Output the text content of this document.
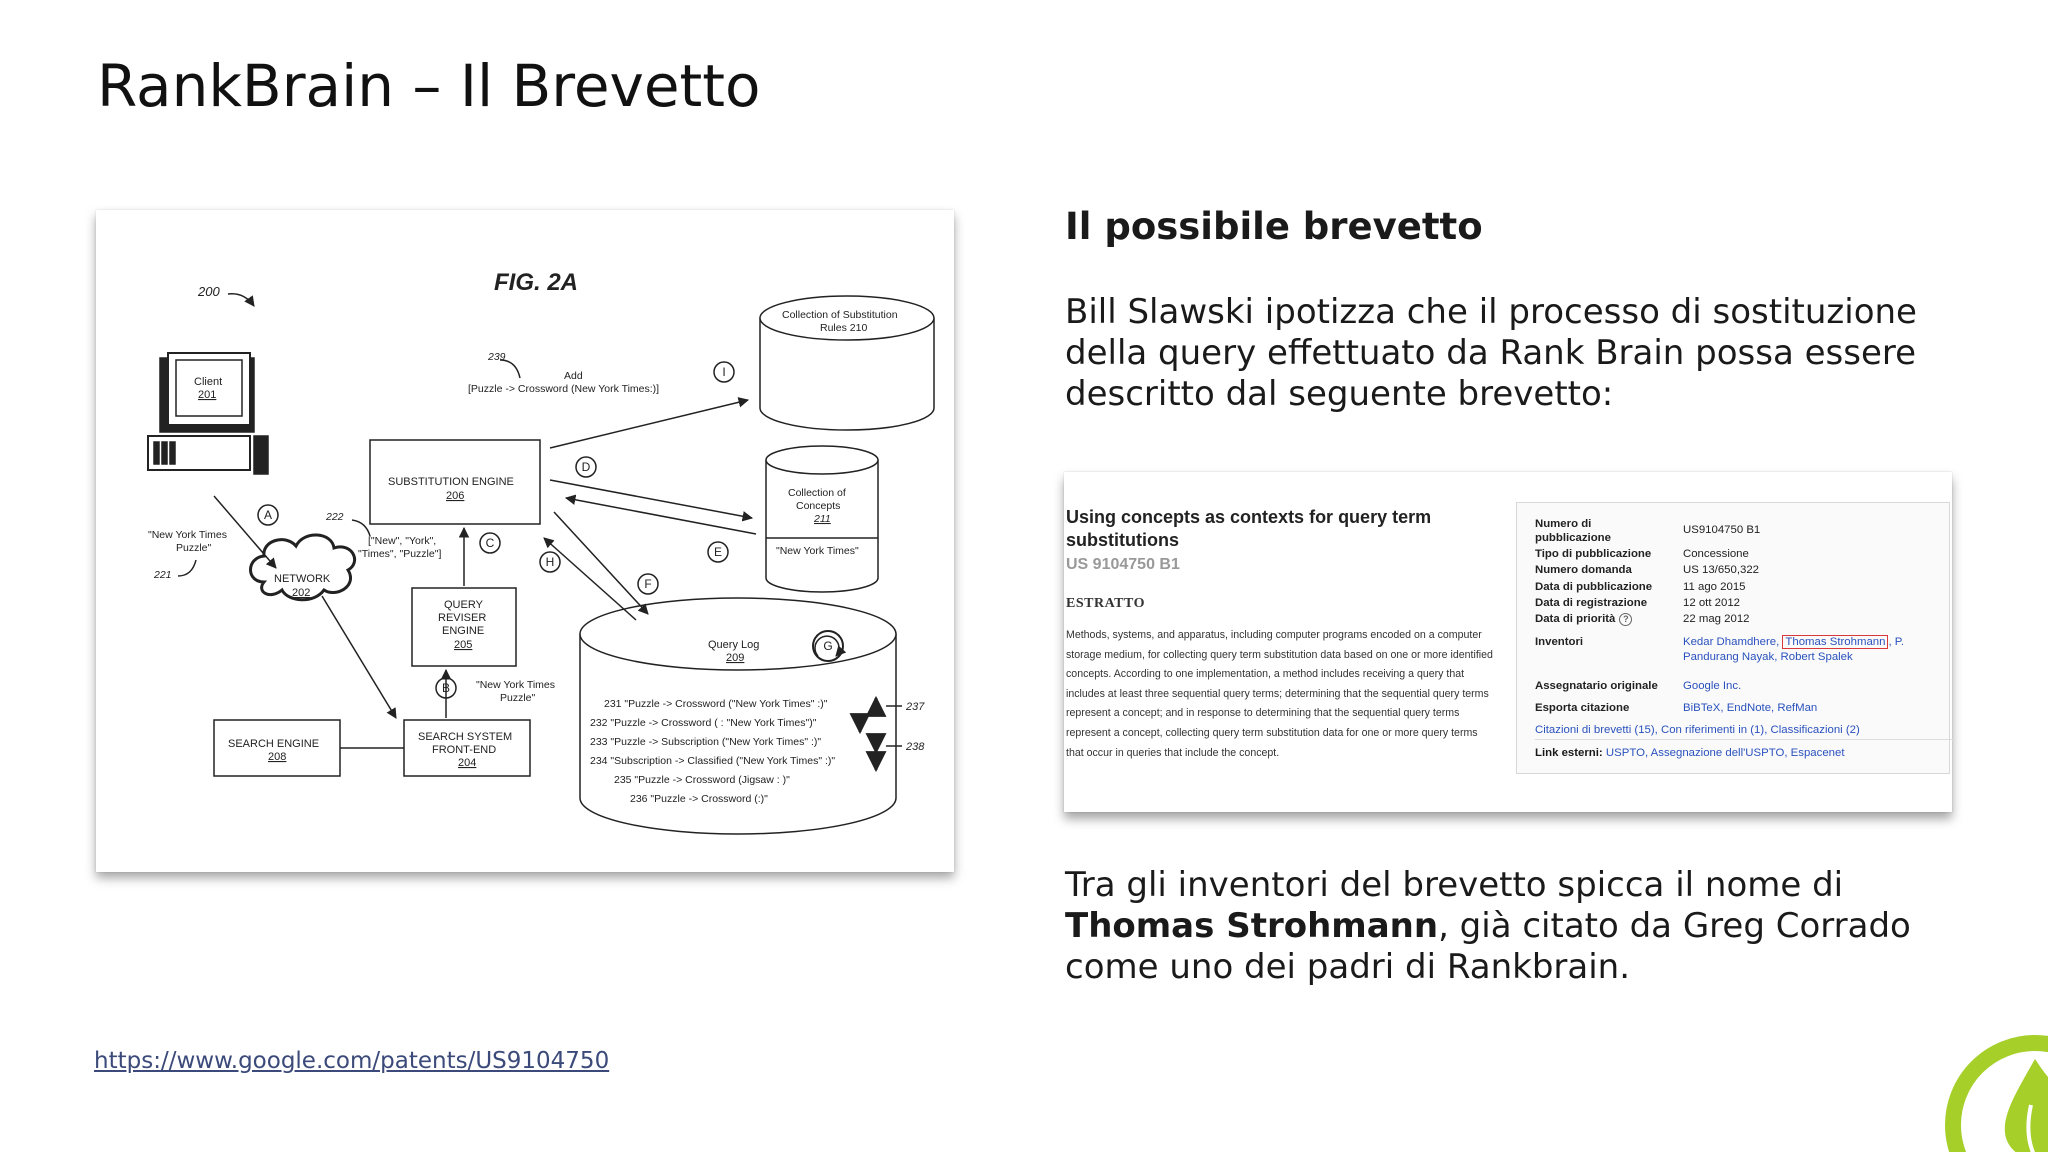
RankBrain – Il Brevetto
FIG. 2A
200
Client
201
NETWORK
202
SEARCH ENGINE
208
SEARCH SYSTEM
FRONT-END
204
QUERY
REVISER
ENGINE
205
SUBSTITUTION ENGINE
206
Collection of Substitution
Rules 210
Collection of
Concepts
211
"New York Times"
Query Log
209
231 "Puzzle -> Crossword ("New York Times" :)"
232 "Puzzle -> Crossword ( : "New York Times")"
233 "Puzzle -> Subscription ("New York Times" :)"
234 "Subscription -> Classified ("New York Times" :)"
235 "Puzzle -> Crossword (Jigsaw : )"
236 "Puzzle -> Crossword (:)"
237
238
Add
[Puzzle -> Crossword (New York Times:)]
239
222
221
["New", "York",
"Times", "Puzzle"]
"New York Times
Puzzle"
"New York Times
Puzzle"
A
B
C
D
E
F
H
I
G
Il possibile brevetto
Bill Slawski ipotizza che il processo di sostituzione della query effettuato da Rank Brain possa essere descritto dal seguente brevetto:
Using concepts as contexts for query term substitutions
US 9104750 B1
ESTRATTO
Methods, systems, and apparatus, including computer programs encoded on a computer storage medium, for collecting query term substitution data based on one or more identified concepts. According to one implementation, a method includes receiving a query that includes at least three sequential query terms; determining that the sequential query terms represent a concept; and in response to determining that the sequential query terms represent a concept, collecting query term substitution data for one or more query terms that occur in queries that include the concept.
Numero di pubblicazione
US9104750 B1
Tipo di pubblicazione	Concessione
Numero domanda	US 13/650,322
Data di pubblicazione	11 ago 2015
Data di registrazione	12 ott 2012
Data di priorità ?	22 mag 2012
Inventori	Kedar Dhamdhere, Thomas Strohmann , P. Pandurang Nayak, Robert Spalek
Assegnatario originale	Google Inc.
Esporta citazione	BiBTeX, EndNote, RefMan
Citazioni di brevetti (15), Con riferimenti in (1), Classificazioni (2)
Link esterni: USPTO, Assegnazione dell'USPTO, Espacenet
Tra gli inventori del brevetto spicca il nome di Thomas Strohmann, già citato da Greg Corrado come uno dei padri di Rankbrain.
https://www.google.com/patents/US9104750
